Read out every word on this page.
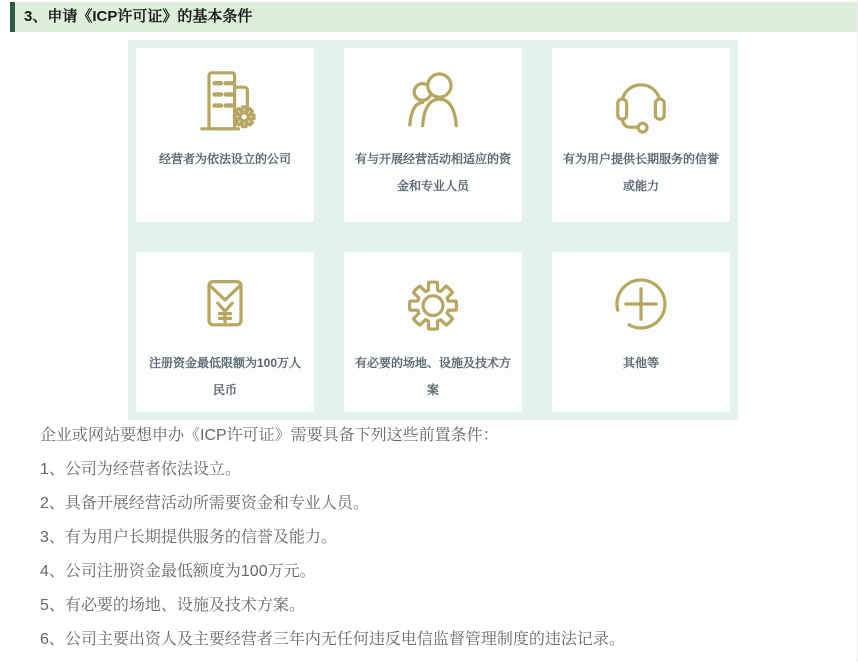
3、申请《ICP许可证》的基本条件
经营者为依法设立的公司	有与开展经营活动相适应的资金和专业人员
有为用户提供长期服务的信誉或能力
注册资金最低限额为100万人民币
有必要的场地、设施及技术方案
其他等

企业或网站要想申办《ICP许可证》需要具备下列这些前置条件：

1、公司为经营者依法设立。

2、具备开展经营活动所需要资金和专业人员。

3、有为用户长期提供服务的信誉及能力。

4、公司注册资金最低额度为100万元。

5、有必要的场地、设施及技术方案。

6、公司主要出资人及主要经营者三年内无任何违反电信监督管理制度的违法记录。
